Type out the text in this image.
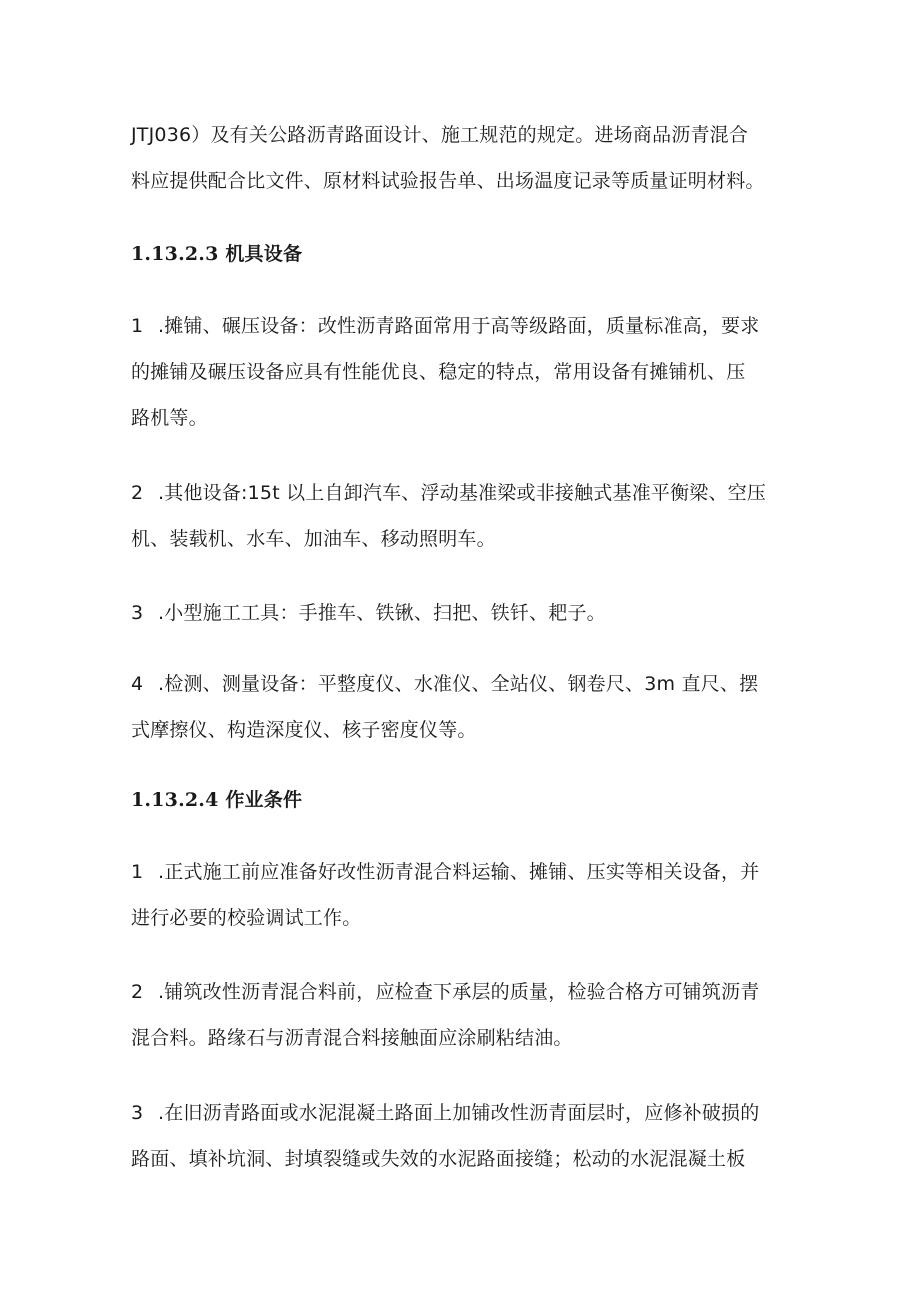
JTJ036）及有关公路沥青路面设计、施工规范的规定。进场商品沥青混合
料应提供配合比文件、原材料试验报告单、出场温度记录等质量证明材料。
1.13.2.3 机具设备
1 .摊铺、碾压设备：改性沥青路面常用于高等级路面，质量标准高，要求
的摊铺及碾压设备应具有性能优良、稳定的特点，常用设备有摊铺机、压
路机等。
2 .其他设备:15t 以上自卸汽车、浮动基准梁或非接触式基准平衡梁、空压
机、装载机、水车、加油车、移动照明车。
3 .小型施工工具：手推车、铁锹、扫把、铁钎、耙子。
4 .检测、测量设备：平整度仪、水准仪、全站仪、钢卷尺、3m 直尺、摆
式摩擦仪、构造深度仪、核子密度仪等。
1.13.2.4 作业条件
1 .正式施工前应准备好改性沥青混合料运输、摊铺、压实等相关设备，并
进行必要的校验调试工作。
2 .铺筑改性沥青混合料前，应检查下承层的质量，检验合格方可铺筑沥青
混合料。路缘石与沥青混合料接触面应涂刷粘结油。
3 .在旧沥青路面或水泥混凝土路面上加铺改性沥青面层时，应修补破损的
路面、填补坑洞、封填裂缝或失效的水泥路面接缝；松动的水泥混凝土板
